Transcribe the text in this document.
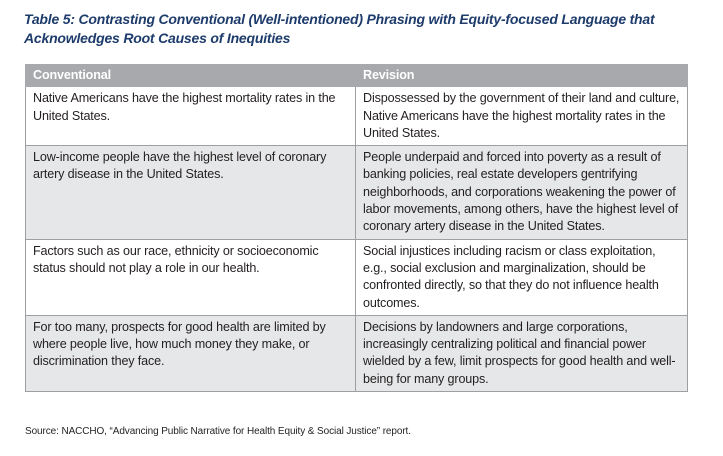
Table 5: Contrasting Conventional (Well-intentioned) Phrasing with Equity-focused Language that Acknowledges Root Causes of Inequities
Conventional	Revision
Native Americans have the highest mortality rates in the United States.	Dispossessed by the government of their land and culture, Native Americans have the highest mortality rates in the United States.
Low-income people have the highest level of coronary artery disease in the United States.	People underpaid and forced into poverty as a result of banking policies, real estate developers gentrifying neighborhoods, and corporations weakening the power of labor movements, among others, have the highest level of coronary artery disease in the United States.
Factors such as our race, ethnicity or socioeconomic status should not play a role in our health.	Social injustices including racism or class exploitation, e.g., social exclusion and marginalization, should be confronted directly, so that they do not influence health outcomes.
For too many, prospects for good health are limited by where people live, how much money they make, or discrimination they face.	Decisions by landowners and large corporations, increasingly centralizing political and financial power wielded by a few, limit prospects for good health and well-being for many groups.
Source: NACCHO, “Advancing Public Narrative for Health Equity & Social Justice” report.
